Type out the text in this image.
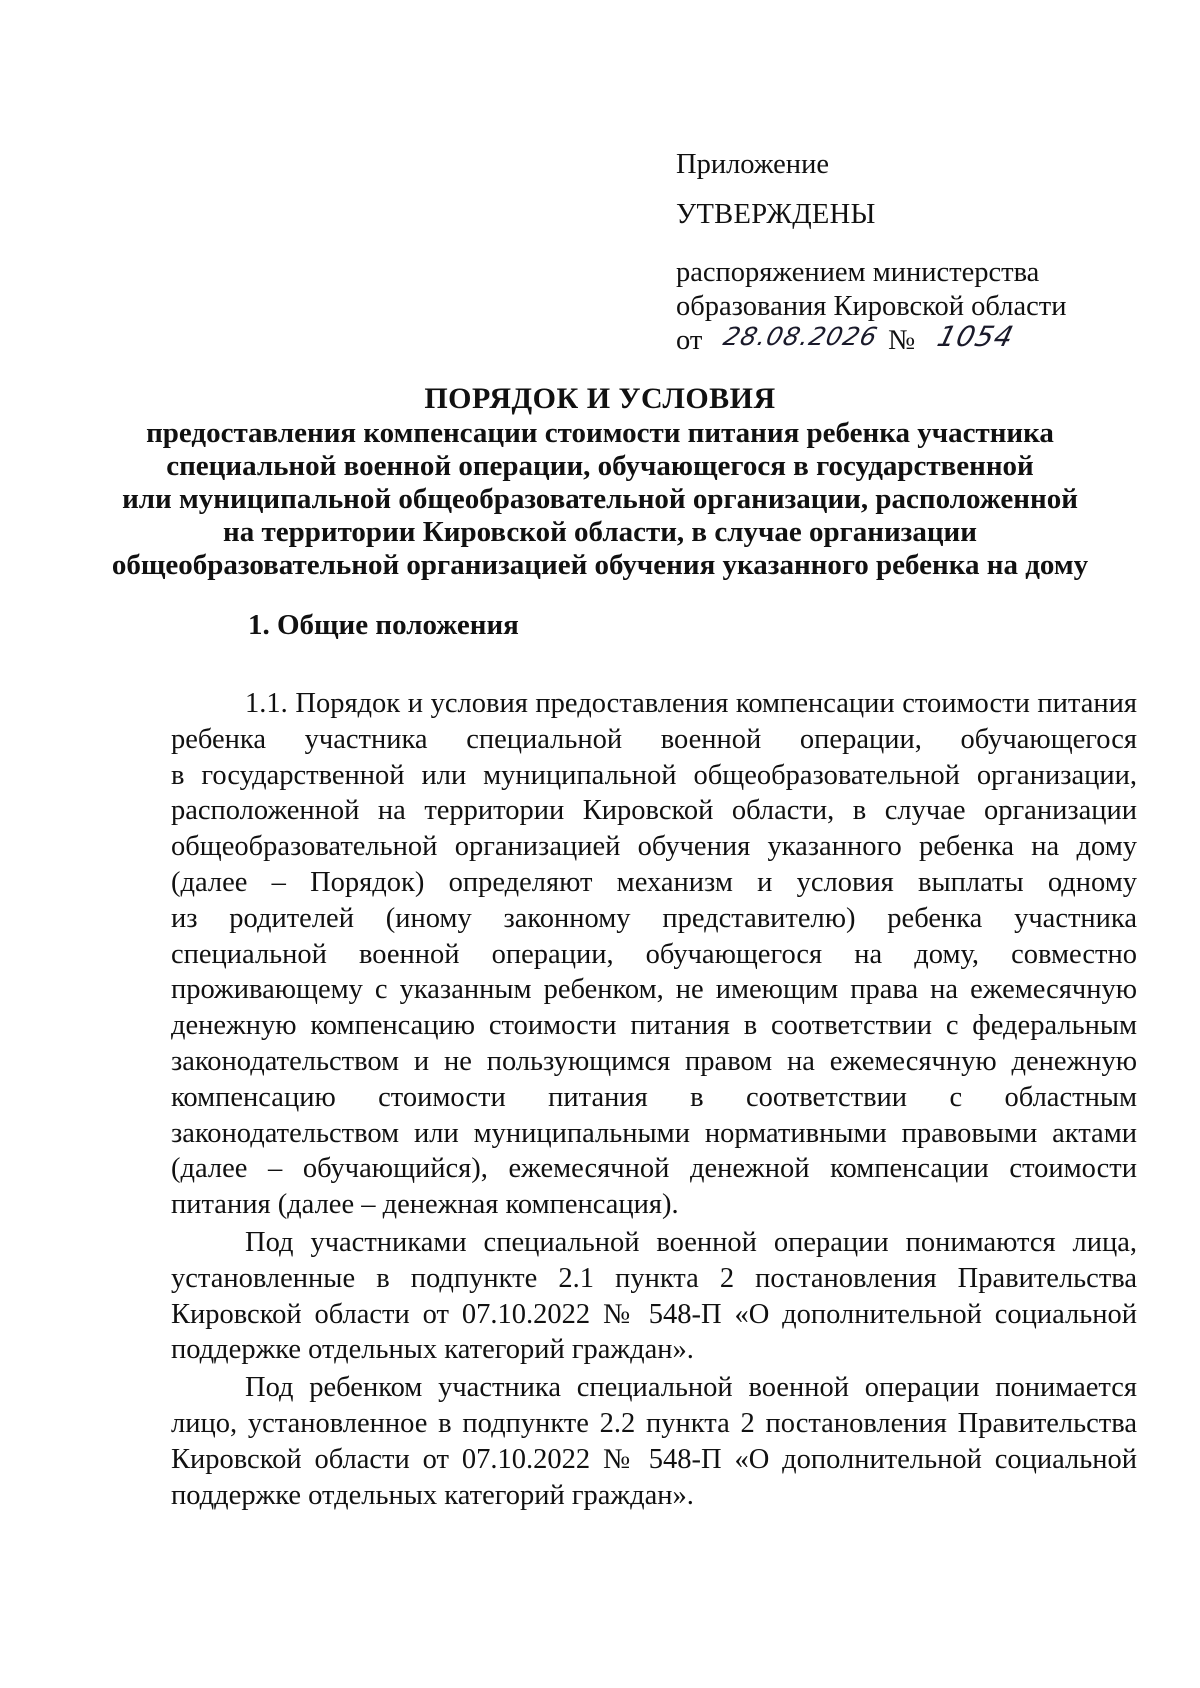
Приложение

УТВЕРЖДЕНЫ

распоряжением министерства

образования Кировской области

от 28.08.2026 № 1054
ПОРЯДОК И УСЛОВИЯ

предоставления компенсации стоимости питания ребенка участника

специальной военной операции, обучающегося в государственной

или муниципальной общеобразовательной организации, расположенной

на территории Кировской области, в случае организации

общеобразовательной организацией обучения указанного ребенка на дому

1. Общие положения

1.1. Порядок и условия предоставления компенсации стоимости питания
ребенка участника специальной военной операции, обучающегося
в государственной или муниципальной общеобразовательной организации,
расположенной на территории Кировской области, в случае организации
общеобразовательной организацией обучения указанного ребенка на дому
(далее – Порядок) определяют механизм и условия выплаты одному
из родителей (иному законному представителю) ребенка участника
специальной военной операции, обучающегося на дому, совместно
проживающему с указанным ребенком, не имеющим права на ежемесячную
денежную компенсацию стоимости питания в соответствии с федеральным
законодательством и не пользующимся правом на ежемесячную денежную
компенсацию стоимости питания в соответствии с областным
законодательством или муниципальными нормативными правовыми актами
(далее – обучающийся), ежемесячной денежной компенсации стоимости
питания (далее – денежная компенсация).

Под участниками специальной военной операции понимаются лица,
установленные в подпункте 2.1 пункта 2 постановления Правительства
Кировской области от 07.10.2022 № 548-П «О дополнительной социальной
поддержке отдельных категорий граждан».

Под ребенком участника специальной военной операции понимается
лицо, установленное в подпункте 2.2 пункта 2 постановления Правительства
Кировской области от 07.10.2022 № 548-П «О дополнительной социальной
поддержке отдельных категорий граждан».
